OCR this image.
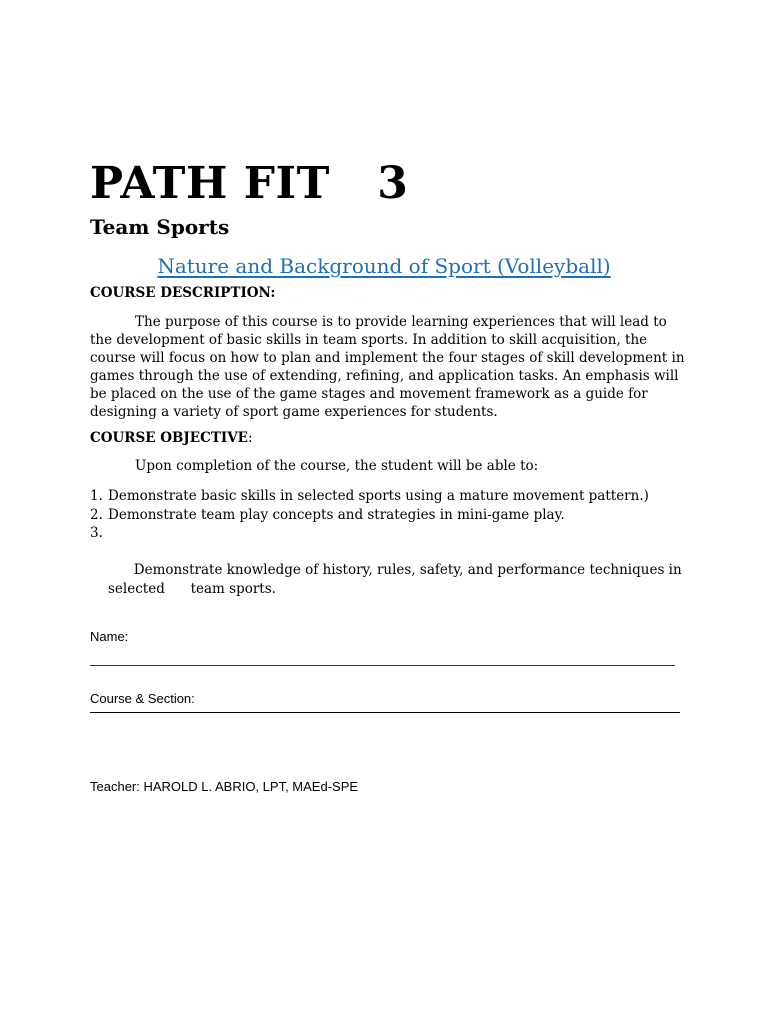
PATH FIT   3
Team Sports
Nature and Background of Sport (Volleyball)
COURSE DESCRIPTION:

The purpose of this course is to provide learning experiences that will lead to the development of basic skills in team sports. In addition to skill acquisition, the course will focus on how to plan and implement the four stages of skill development in games through the use of extending, refining, and application tasks. An emphasis will be placed on the use of the game stages and movement framework as a guide for designing a variety of sport game experiences for students.

COURSE OBJECTIVE:
Upon completion of the course, the student will be able to:
1. Demonstrate basic skills in selected sports using a mature movement pattern.)
2. Demonstrate team play concepts and strategies in mini-game play.

3.

Demonstrate knowledge of history, rules, safety, and performance techniques in selected      team sports.

Name:
Course & Section:
Teacher: HAROLD L. ABRIO, LPT, MAEd-SPE
